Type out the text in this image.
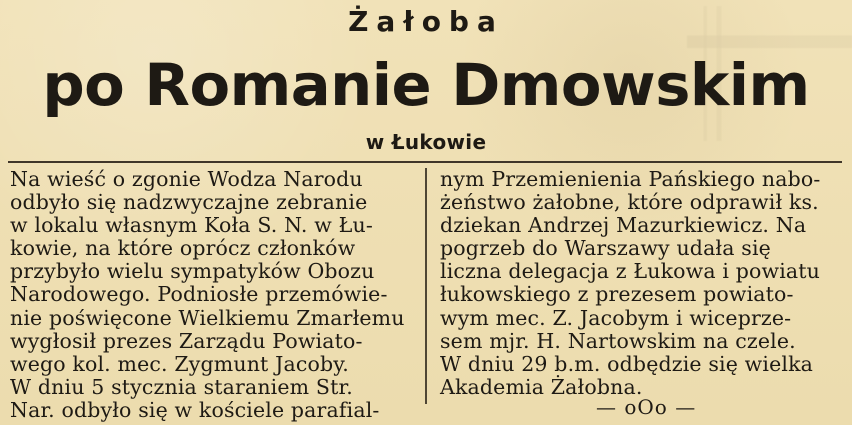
Żałoba
po Romanie Dmowskim
w Łukowie
Na wieść o zgonie Wodza Narodu
odbyło się nadzwyczajne zebranie
w lokalu własnym Koła S. N. w Łu-
kowie, na które oprócz członków
przybyło wielu sympatyków Obozu
Narodowego. Podniosłe przemówie-
nie poświęcone Wielkiemu Zmarłemu
wygłosił prezes Zarządu Powiato-
wego kol. mec. Zygmunt Jacoby.
W dniu 5 stycznia staraniem Str.
Nar. odbyło się w kościele parafial-
nym Przemienienia Pańskiego nabo-
żeństwo żałobne, które odprawił ks.
dziekan Andrzej Mazurkiewicz. Na
pogrzeb do Warszawy udała się
liczna delegacja z Łukowa i powiatu
łukowskiego z prezesem powiato-
wym mec. Z. Jacobym i wiceprze-
sem mjr. H. Nartowskim na czele.
W dniu 29 b.m. odbędzie się wielka
Akademia Żałobna.
— oOo —
